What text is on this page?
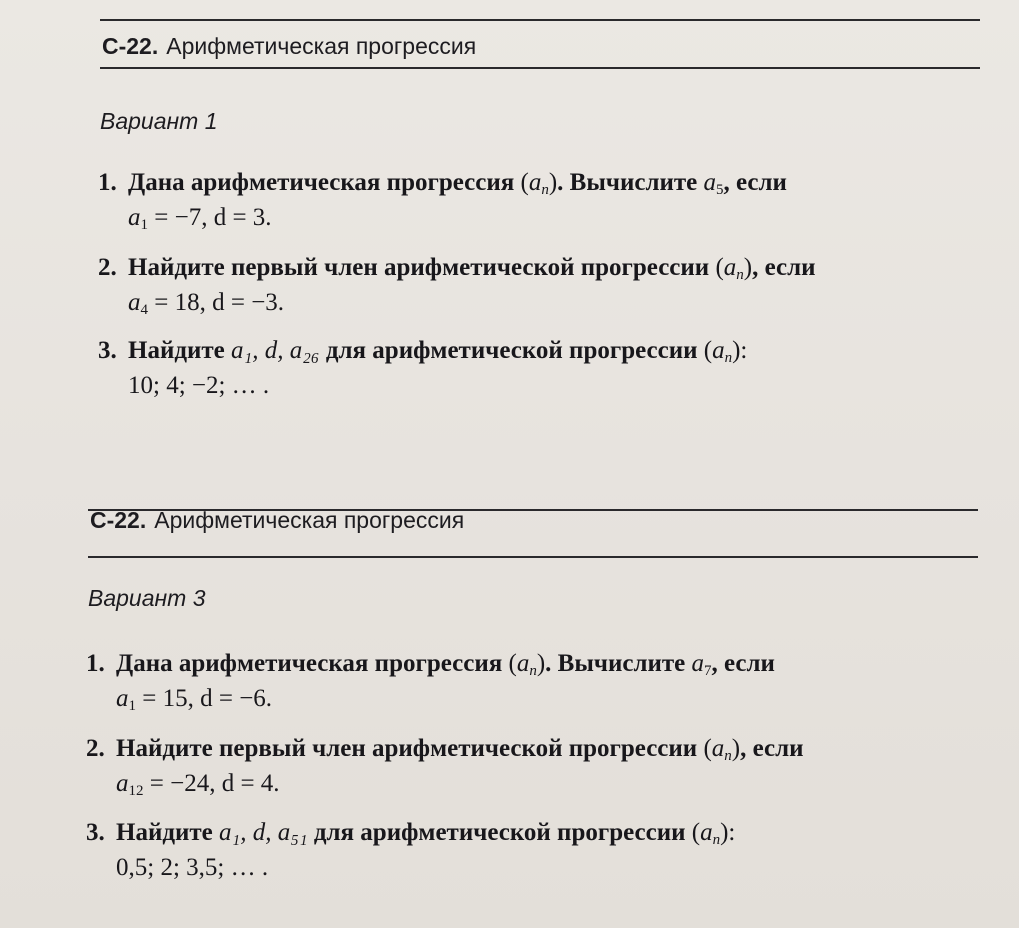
С-22. Арифметическая прогрессия
Вариант 1
1. Дана арифметическая прогрессия $(a_n)$. Вычислите $a_5$, если
$a_1 = -7$, d = 3.
2. Найдите первый член арифметической прогрессии $(a_n)$, если
$a_4 = 18$, d = −3.
3. Найдите a₁, d, a₂₆ для арифметической прогрессии $(a_n)$:
10; 4; −2; … .
С-22. Арифметическая прогрессия
Вариант 3
1. Дана арифметическая прогрессия $(a_n)$. Вычислите $a_7$, если
$a_1 = 15$, d = −6.
2. Найдите первый член арифметической прогрессии $(a_n)$, если
$a_{12} = -24$, d = 4.
3. Найдите a₁, d, a₅₁ для арифметической прогрессии $(a_n)$:
0,5; 2; 3,5; … .
